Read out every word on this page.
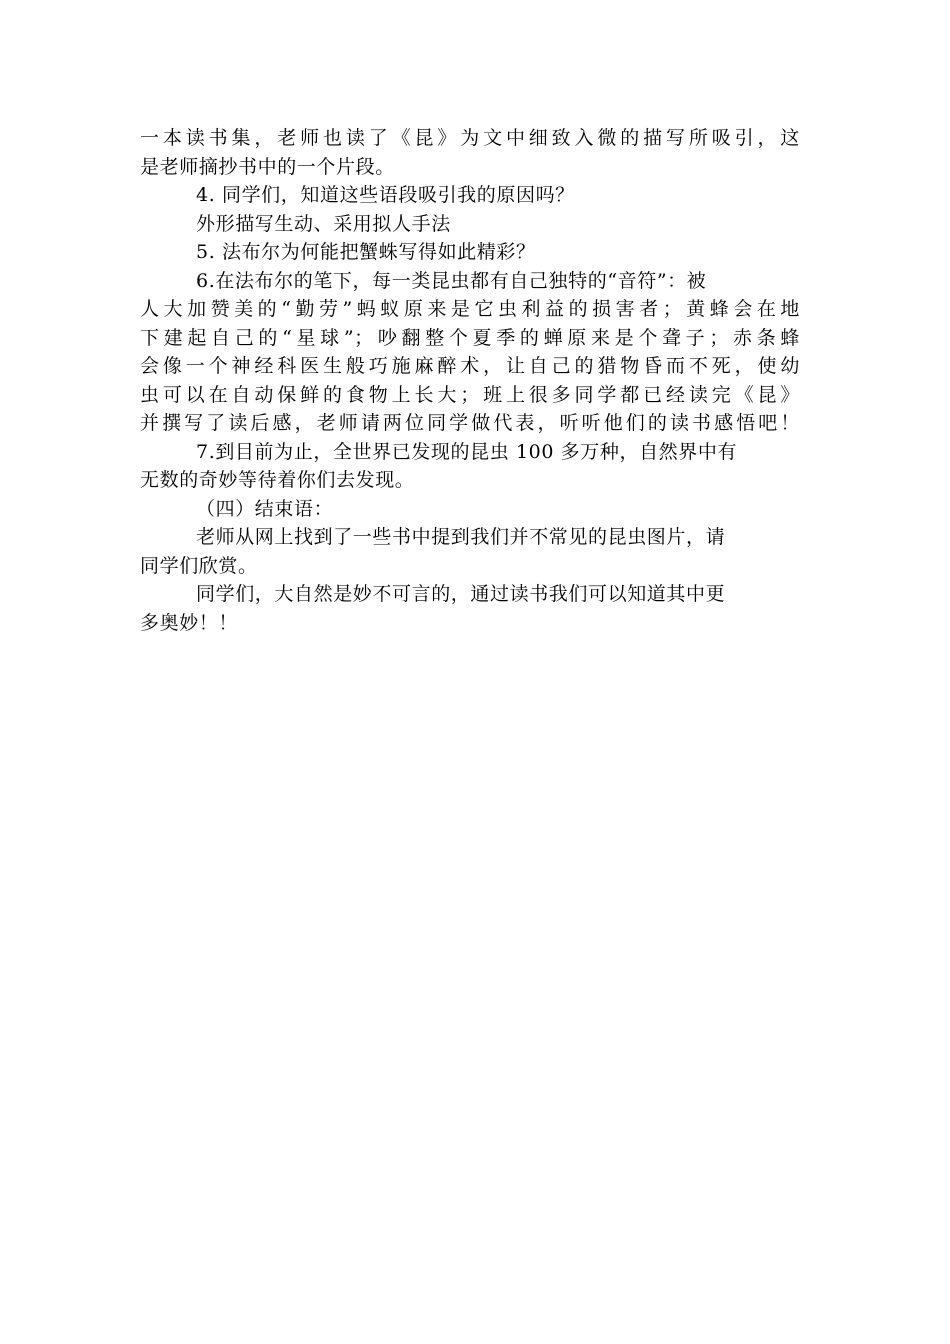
一本读书集，老师也读了《昆》为文中细致入微的描写所吸引，这
是老师摘抄书中的一个片段。
4. 同学们，知道这些语段吸引我的原因吗？
外形描写生动、采用拟人手法
5. 法布尔为何能把蟹蛛写得如此精彩？
6.在法布尔的笔下，每一类昆虫都有自己独特的“音符”：被
人大加赞美的“勤劳”蚂蚁原来是它虫利益的损害者；黄蜂会在地
下建起自己的“星球”；吵翻整个夏季的蝉原来是个聋子；赤条蜂
会像一个神经科医生般巧施麻醉术，让自己的猎物昏而不死，使幼
虫可以在自动保鲜的食物上长大；班上很多同学都已经读完《昆》
并撰写了读后感，老师请两位同学做代表，听听他们的读书感悟吧！
7.到目前为止，全世界已发现的昆虫 100 多万种，自然界中有
无数的奇妙等待着你们去发现。
（四）结束语：
老师从网上找到了一些书中提到我们并不常见的昆虫图片，请
同学们欣赏。
同学们，大自然是妙不可言的，通过读书我们可以知道其中更
多奥妙！！
